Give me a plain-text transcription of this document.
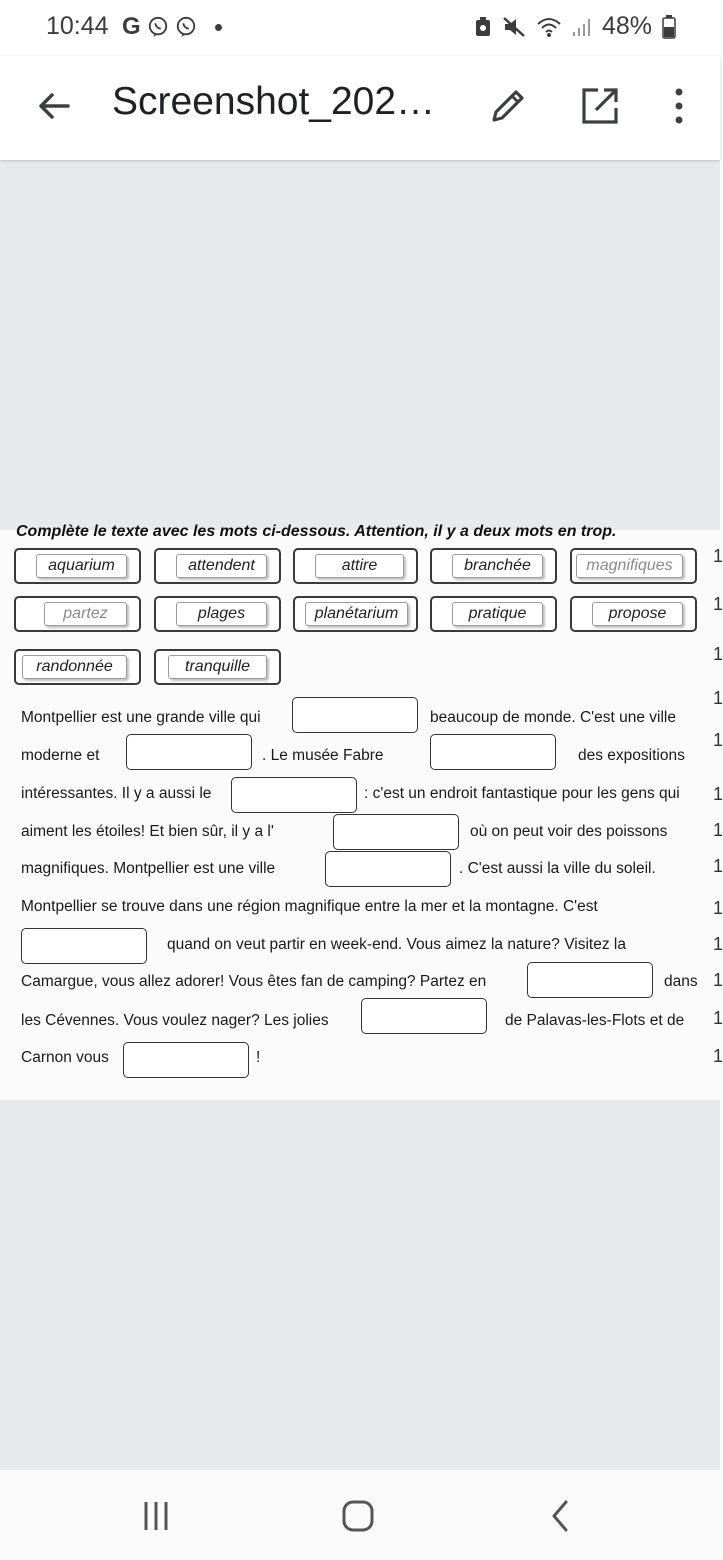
10:44 G	48%
Screenshot_202…
Complète le texte avec les mots ci-dessous. Attention, il y a deux mots en trop.
aquarium	attendent	attire	branchée	magnifiques
partez	plages	planétarium	pratique	propose
randonnée	tranquille
Montpellier est une grande ville qui	beaucoup de monde. C'est une ville
moderne et	. Le musée Fabre	des expositions
intéressantes. Il y a aussi le	: c'est un endroit fantastique pour les gens qui
aiment les étoiles! Et bien sûr, il y a l'	où on peut voir des poissons
magnifiques. Montpellier est une ville	. C'est aussi la ville du soleil.
Montpellier se trouve dans une région magnifique entre la mer et la montagne. C'est
quand on veut partir en week-end. Vous aimez la nature? Visitez la
Camargue, vous allez adorer! Vous êtes fan de camping? Partez en	dans
les Cévennes. Vous voulez nager? Les jolies	de Palavas-les-Flots et de
Carnon vous	!
1
1
1
1
1
1
1
1
1
1
1
1
1
